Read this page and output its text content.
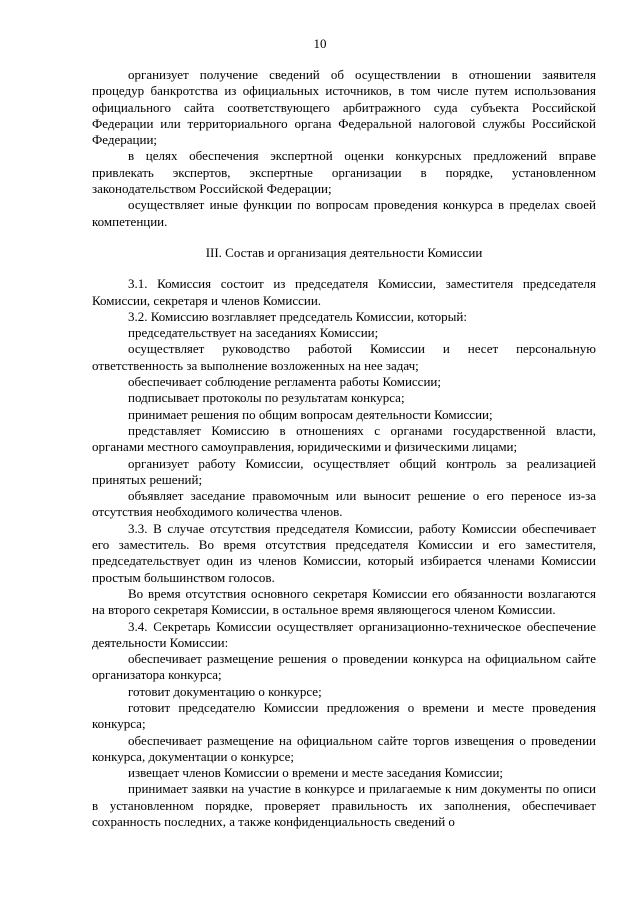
10

организует получение сведений об осуществлении в отношении заявителя процедур банкротства из официальных источников, в том числе путем использования официального сайта соответствующего арбитражного суда субъекта Российской Федерации или территориального органа Федеральной налоговой службы Российской Федерации;

в целях обеспечения экспертной оценки конкурсных предложений вправе привлекать экспертов, экспертные организации в порядке, установленном законодательством Российской Федерации;

осуществляет иные функции по вопросам проведения конкурса в пределах своей компетенции.

III. Состав и организация деятельности Комиссии

3.1. Комиссия состоит из председателя Комиссии, заместителя председателя Комиссии, секретаря и членов Комиссии.

3.2. Комиссию возглавляет председатель Комиссии, который:

председательствует на заседаниях Комиссии;

осуществляет руководство работой Комиссии и несет персональную ответственность за выполнение возложенных на нее задач;

обеспечивает соблюдение регламента работы Комиссии;

подписывает протоколы по результатам конкурса;

принимает решения по общим вопросам деятельности Комиссии;

представляет Комиссию в отношениях с органами государственной власти, органами местного самоуправления, юридическими и физическими лицами;

организует работу Комиссии, осуществляет общий контроль за реализацией принятых решений;

объявляет заседание правомочным или выносит решение о его переносе из-за отсутствия необходимого количества членов.

3.3. В случае отсутствия председателя Комиссии, работу Комиссии обеспечивает его заместитель. Во время отсутствия председателя Комиссии и его заместителя, председательствует один из членов Комиссии, который избирается членами Комиссии простым большинством голосов.

Во время отсутствия основного секретаря Комиссии его обязанности возлагаются на второго секретаря Комиссии, в остальное время являющегося членом Комиссии.

3.4. Секретарь Комиссии осуществляет организационно-техническое обеспечение деятельности Комиссии:

обеспечивает размещение решения о проведении конкурса на официальном сайте организатора конкурса;

готовит документацию о конкурсе;

готовит председателю Комиссии предложения о времени и месте проведения конкурса;

обеспечивает размещение на официальном сайте торгов извещения о проведении конкурса, документации о конкурсе;

извещает членов Комиссии о времени и месте заседания Комиссии;

принимает заявки на участие в конкурсе и прилагаемые к ним документы по описи в установленном порядке, проверяет правильность их заполнения, обеспечивает сохранность последних, а также конфиденциальность сведений о
